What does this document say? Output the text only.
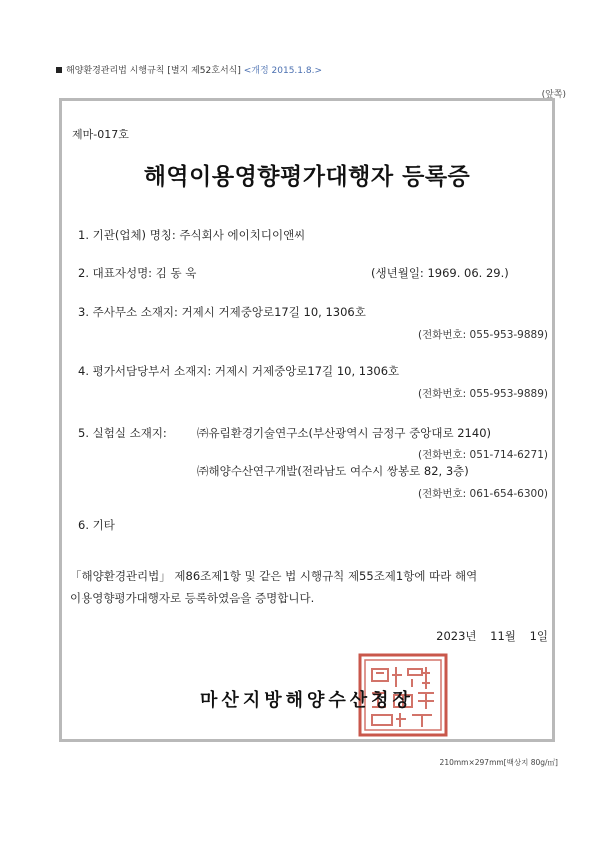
해양환경관리법 시행규칙 [별지 제52호서식] <개정 2015.1.8.>
(앞쪽)
제마-017호
해역이용영향평가대행자 등록증
1. 기관(업체) 명칭: 주식회사 에이치디이앤씨
2. 대표자성명: 김 동 욱	(생년월일: 1969. 06. 29.)
3. 주사무소 소재지: 거제시 거제중앙로17길 10, 1306호
(전화번호: 055-953-9889)
4. 평가서담당부서 소재지: 거제시 거제중앙로17길 10, 1306호
(전화번호: 055-953-9889)
5. 실험실 소재지:	㈜유림환경기술연구소(부산광역시 금정구 중앙대로 2140)
(전화번호: 051-714-6271)
㈜해양수산연구개발(전라남도 여수시 쌍봉로 82, 3층)
(전화번호: 061-654-6300)
6. 기타
「해양환경관리법」 제86조제1항 및 같은 법 시행규칙 제55조제1항에 따라 해역
이용영향평가대행자로 등록하였음을 증명합니다.
2023년 11월 1일
마산지방해양수산청장
210mm×297mm[백상지 80g/㎡]
